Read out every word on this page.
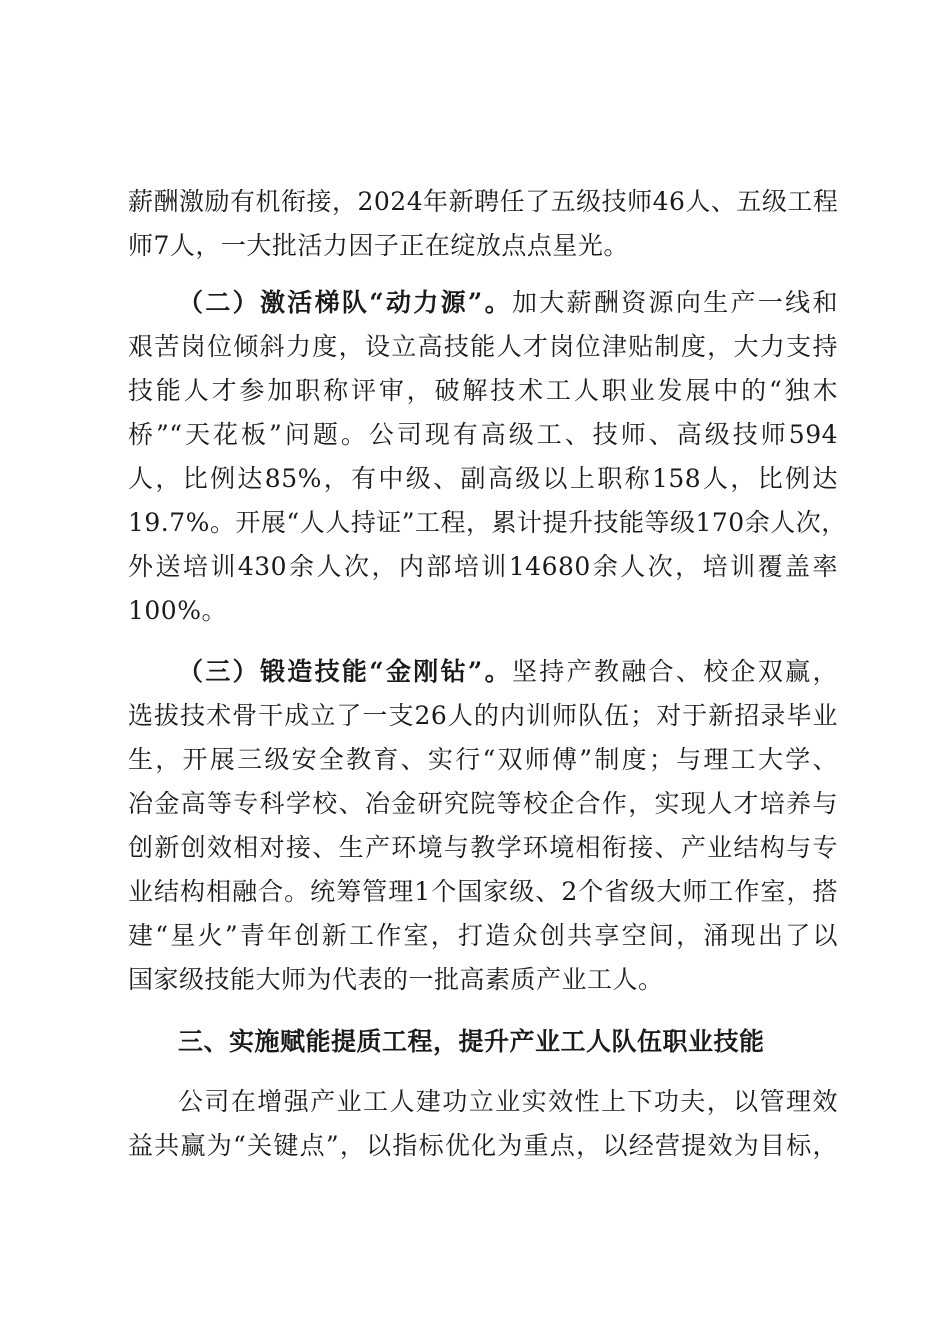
薪酬激励有机衔接，2024年新聘任了五级技师46人、五级工程
师7人，一大批活力因子正在绽放点点星光。
（二）激活梯队“动力源”。加大薪酬资源向生产一线和
艰苦岗位倾斜力度，设立高技能人才岗位津贴制度，大力支持
技能人才参加职称评审，破解技术工人职业发展中的“独木
桥”“天花板”问题。公司现有高级工、技师、高级技师594
人，比例达85%，有中级、副高级以上职称158人，比例达
19.7%。开展“人人持证”工程，累计提升技能等级170余人次，
外送培训430余人次，内部培训14680余人次，培训覆盖率
100%。
（三）锻造技能“金刚钻”。坚持产教融合、校企双赢，
选拔技术骨干成立了一支26人的内训师队伍；对于新招录毕业
生，开展三级安全教育、实行“双师傅”制度；与理工大学、
冶金高等专科学校、冶金研究院等校企合作，实现人才培养与
创新创效相对接、生产环境与教学环境相衔接、产业结构与专
业结构相融合。统筹管理1个国家级、2个省级大师工作室，搭
建“星火”青年创新工作室，打造众创共享空间，涌现出了以
国家级技能大师为代表的一批高素质产业工人。
三、实施赋能提质工程，提升产业工人队伍职业技能
公司在增强产业工人建功立业实效性上下功夫，以管理效
益共赢为“关键点”，以指标优化为重点，以经营提效为目标，
